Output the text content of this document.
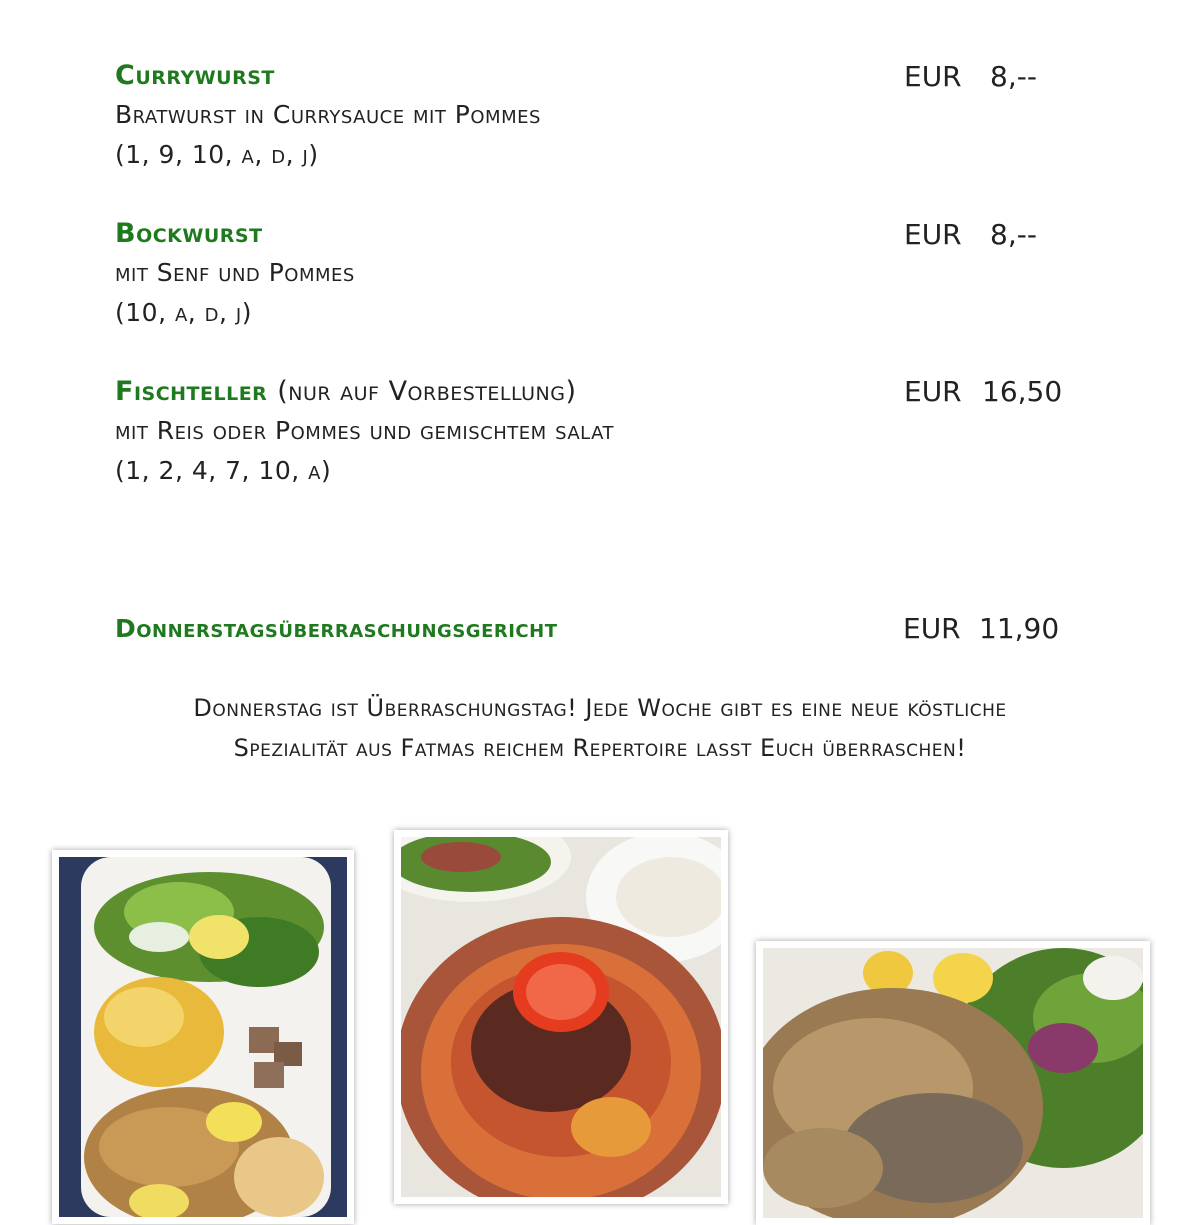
Currywurst
Bratwurst in Currysauce mit Pommes
(1, 9, 10, a, d, j)
EUR 8,--
Bockwurst
mit Senf und Pommes
(10, a, d, j)
EUR 8,--
Fischteller (nur auf Vorbestellung)
mit Reis oder Pommes und gemischtem salat
(1, 2, 4, 7, 10, a)
EUR 16,50
Donnerstagsüberraschungsgericht	EUR 11,90
Donnerstag ist Überraschungstag! Jede Woche gibt es eine neue köstliche Spezialität aus Fatmas reichem Repertoire lasst Euch überraschen!
